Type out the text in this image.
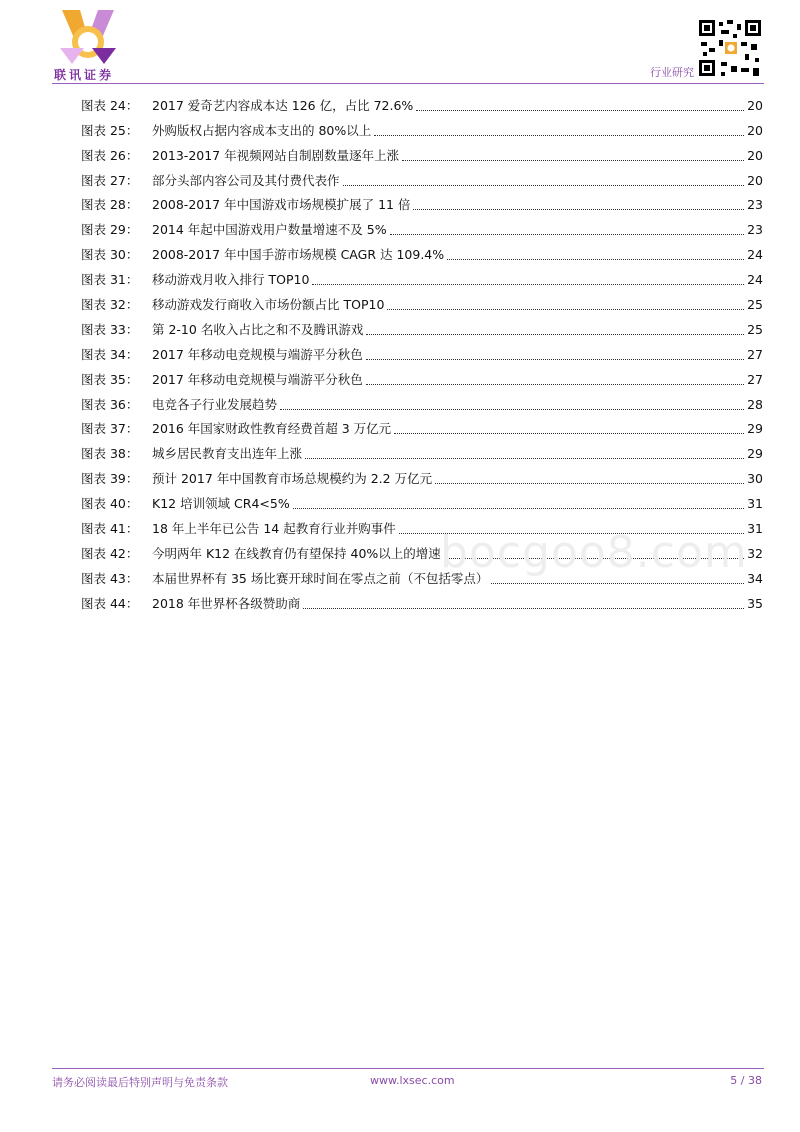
联讯证券	行业研究
图表 24：	2017 爱奇艺内容成本达 126 亿，占比 72.6%	20
图表 25：	外购版权占据内容成本支出的 80%以上	20
图表 26：	2013-2017 年视频网站自制剧数量逐年上涨	20
图表 27：	部分头部内容公司及其付费代表作	20
图表 28：	2008-2017 年中国游戏市场规模扩展了 11 倍	23
图表 29：	2014 年起中国游戏用户数量增速不及 5%	23
图表 30：	2008-2017 年中国手游市场规模 CAGR 达 109.4%	24
图表 31：	移动游戏月收入排行 TOP10	24
图表 32：	移动游戏发行商收入市场份额占比 TOP10	25
图表 33：	第 2-10 名收入占比之和不及腾讯游戏	25
图表 34：	2017 年移动电竞规模与端游平分秋色	27
图表 35：	2017 年移动电竞规模与端游平分秋色	27
图表 36：	电竞各子行业发展趋势	28
图表 37：	2016 年国家财政性教育经费首超 3 万亿元	29
图表 38：	城乡居民教育支出连年上涨	29
图表 39：	预计 2017 年中国教育市场总规模约为 2.2 万亿元	30
图表 40：	K12 培训领域 CR4<5%	31
图表 41：	18 年上半年已公告 14 起教育行业并购事件	31
图表 42：	今明两年 K12 在线教育仍有望保持 40%以上的增速	32
图表 43：	本届世界杯有 35 场比赛开球时间在零点之前（不包括零点）	34
图表 44：	2018 年世界杯各级赞助商	35
bocgoo8.com
请务必阅读最后特别声明与免责条款	www.lxsec.com	5 / 38
